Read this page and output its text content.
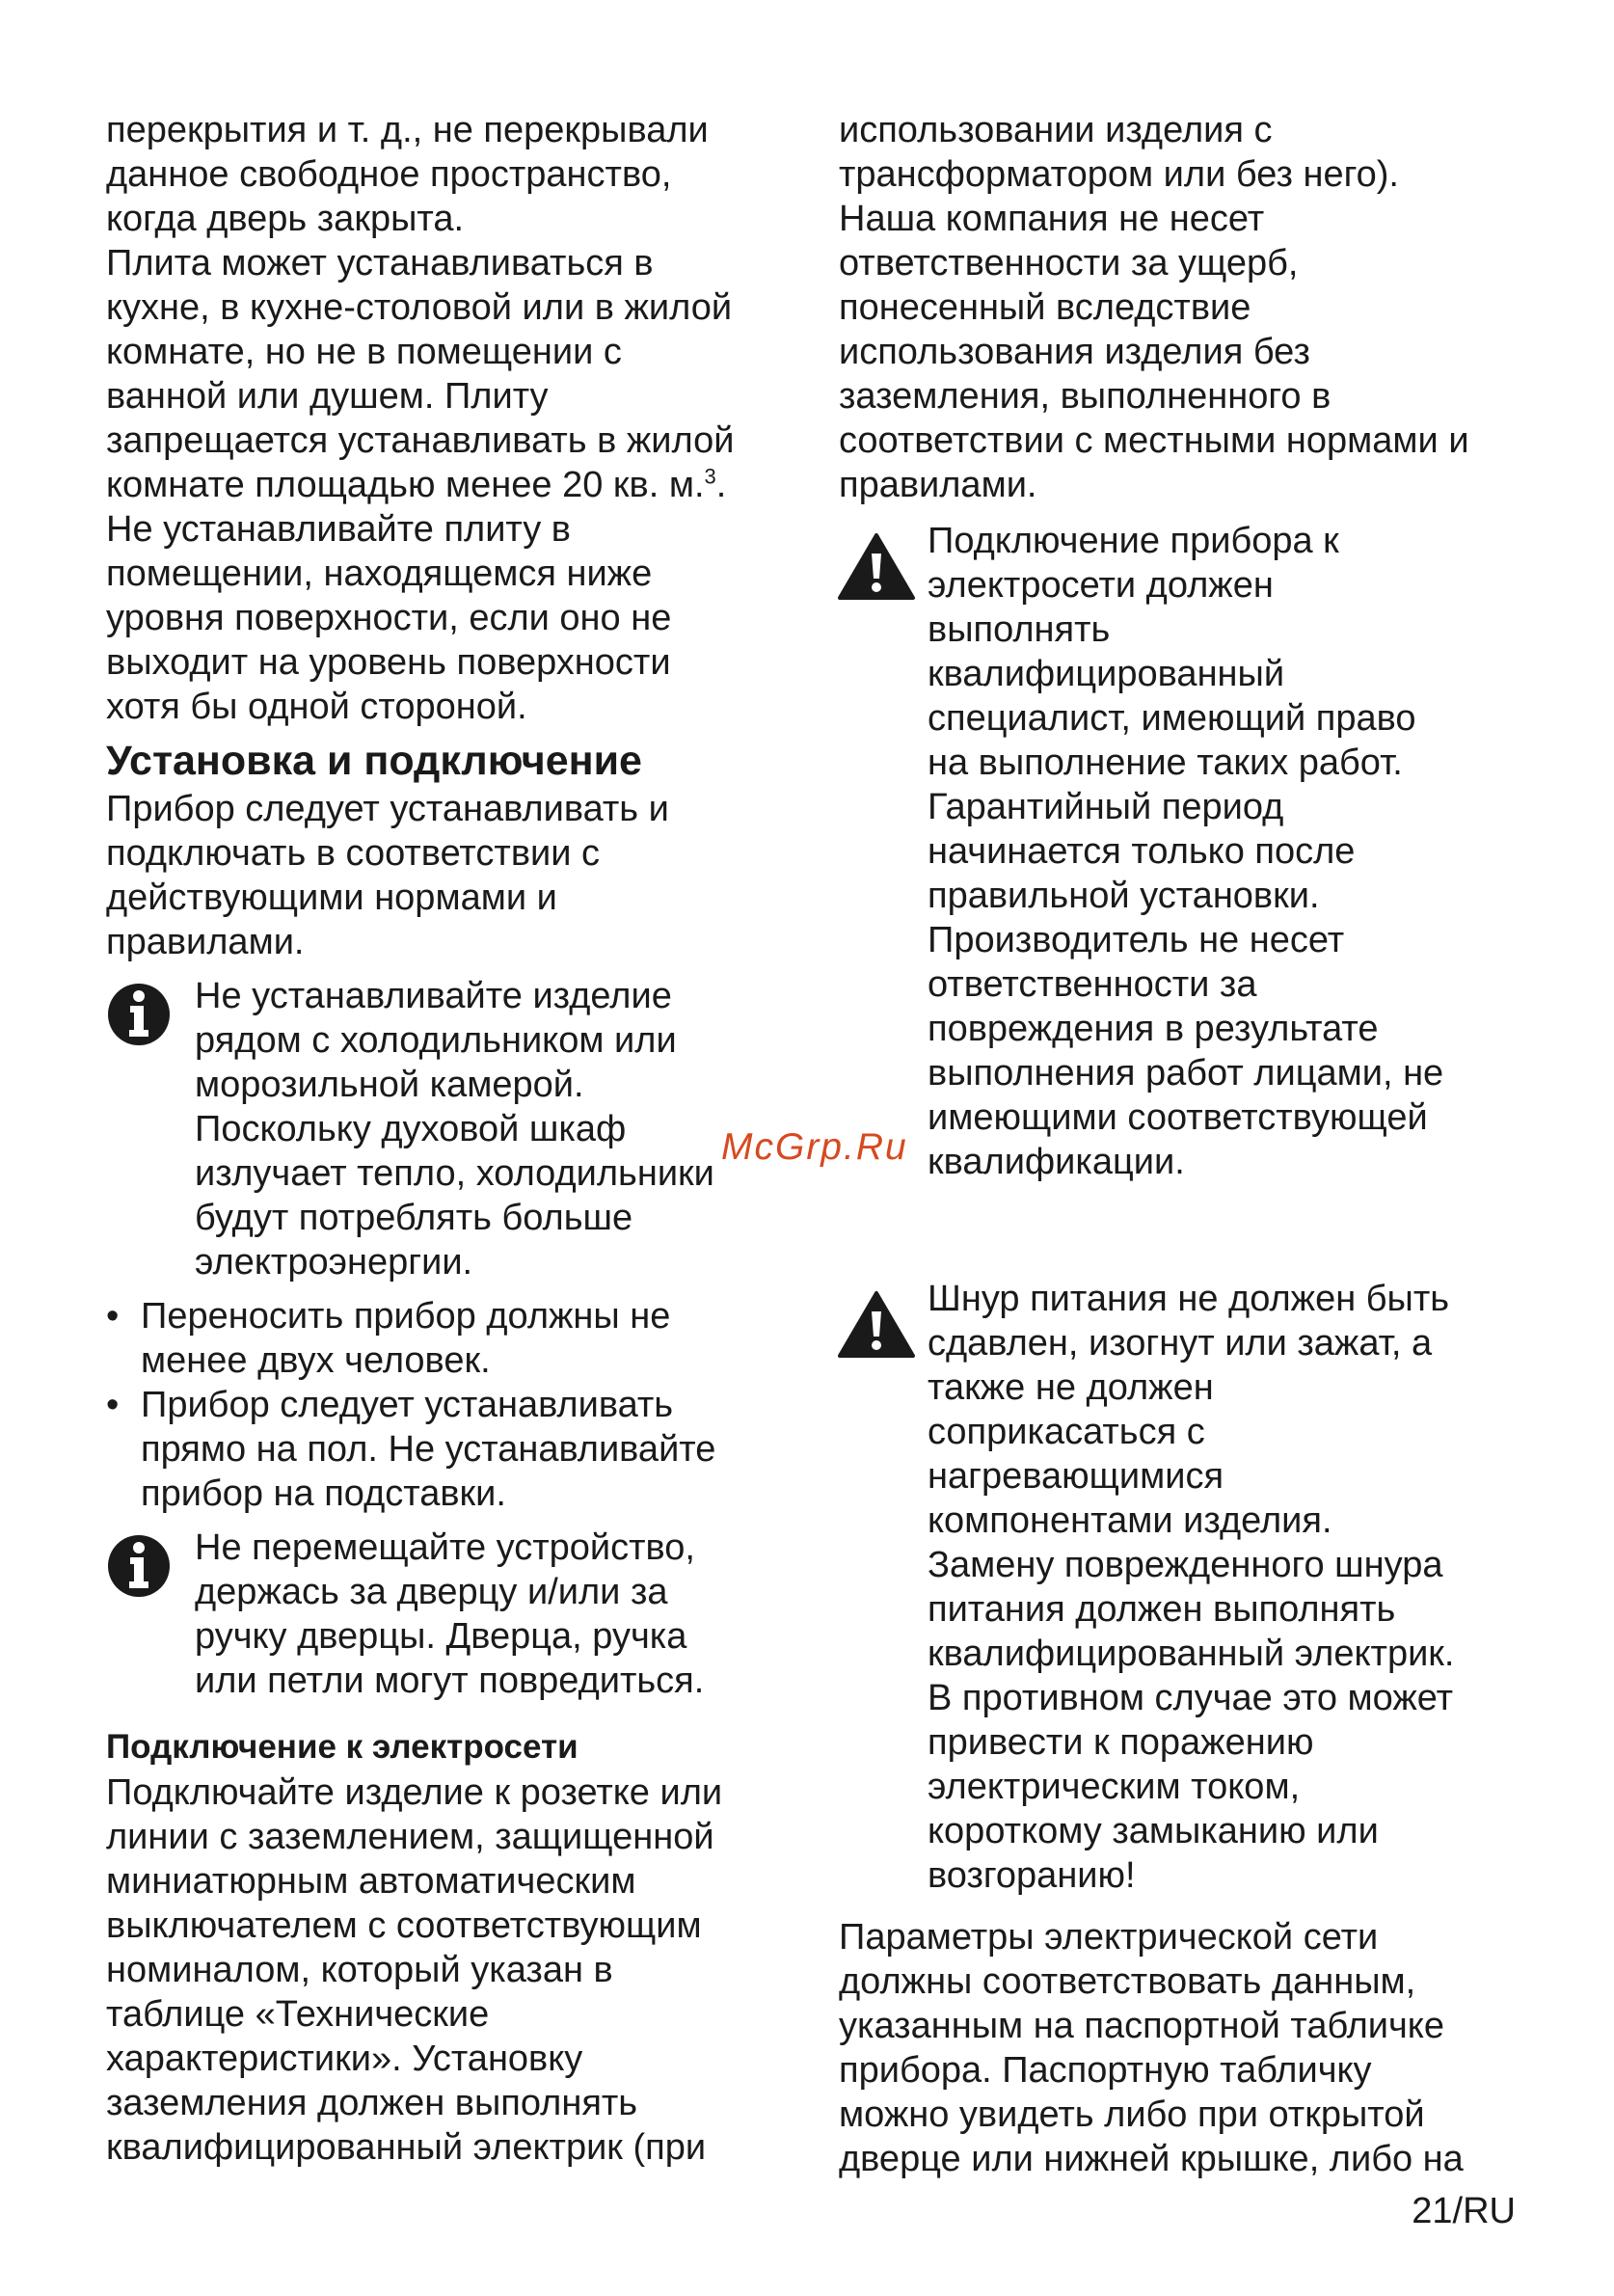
перекрытия и т. д., не перекрывали
данное свободное пространство,
когда дверь закрыта.
Плита может устанавливаться в
кухне, в кухне-столовой или в жилой
комнате, но не в помещении с
ванной или душем. Плиту
запрещается устанавливать в жилой
комнате площадью менее 20 кв. м.$^3$.
Не устанавливайте плиту в
помещении, находящемся ниже
уровня поверхности, если оно не
выходит на уровень поверхности
хотя бы одной стороной.
Установка и подключение
Прибор следует устанавливать и
подключать в соответствии с
действующими нормами и
правилами.
Не устанавливайте изделие
рядом с холодильником или
морозильной камерой.
Поскольку духовой шкаф
излучает тепло, холодильники
будут потреблять больше
электроэнергии.
• Переносить прибор должны не
менее двух человек.
• Прибор следует устанавливать
прямо на пол. Не устанавливайте
прибор на подставки.
Не перемещайте устройство,
держась за дверцу и/или за
ручку дверцы. Дверца, ручка
или петли могут повредиться.
Подключение к электросети
Подключайте изделие к розетке или
линии с заземлением, защищенной
миниатюрным автоматическим
выключателем с соответствующим
номиналом, который указан в
таблице «Технические
характеристики». Установку
заземления должен выполнять
квалифицированный электрик (при
использовании изделия с
трансформатором или без него).
Наша компания не несет
ответственности за ущерб,
понесенный вследствие
использования изделия без
заземления, выполненного в
соответствии с местными нормами и
правилами.
Подключение прибора к
электросети должен
выполнять
квалифицированный
специалист, имеющий право
на выполнение таких работ.
Гарантийный период
начинается только после
правильной установки.
Производитель не несет
ответственности за
повреждения в результате
выполнения работ лицами, не
имеющими соответствующей
квалификации.
Шнур питания не должен быть
сдавлен, изогнут или зажат, а
также не должен
соприкасаться с
нагревающимися
компонентами изделия.
Замену поврежденного шнура
питания должен выполнять
квалифицированный электрик.
В противном случае это может
привести к поражению
электрическим током,
короткому замыканию или
возгоранию!
Параметры электрической сети
должны соответствовать данным,
указанным на паспортной табличке
прибора. Паспортную табличку
можно увидеть либо при открытой
дверце или нижней крышке, либо на
McGrp.Ru
21/RU
